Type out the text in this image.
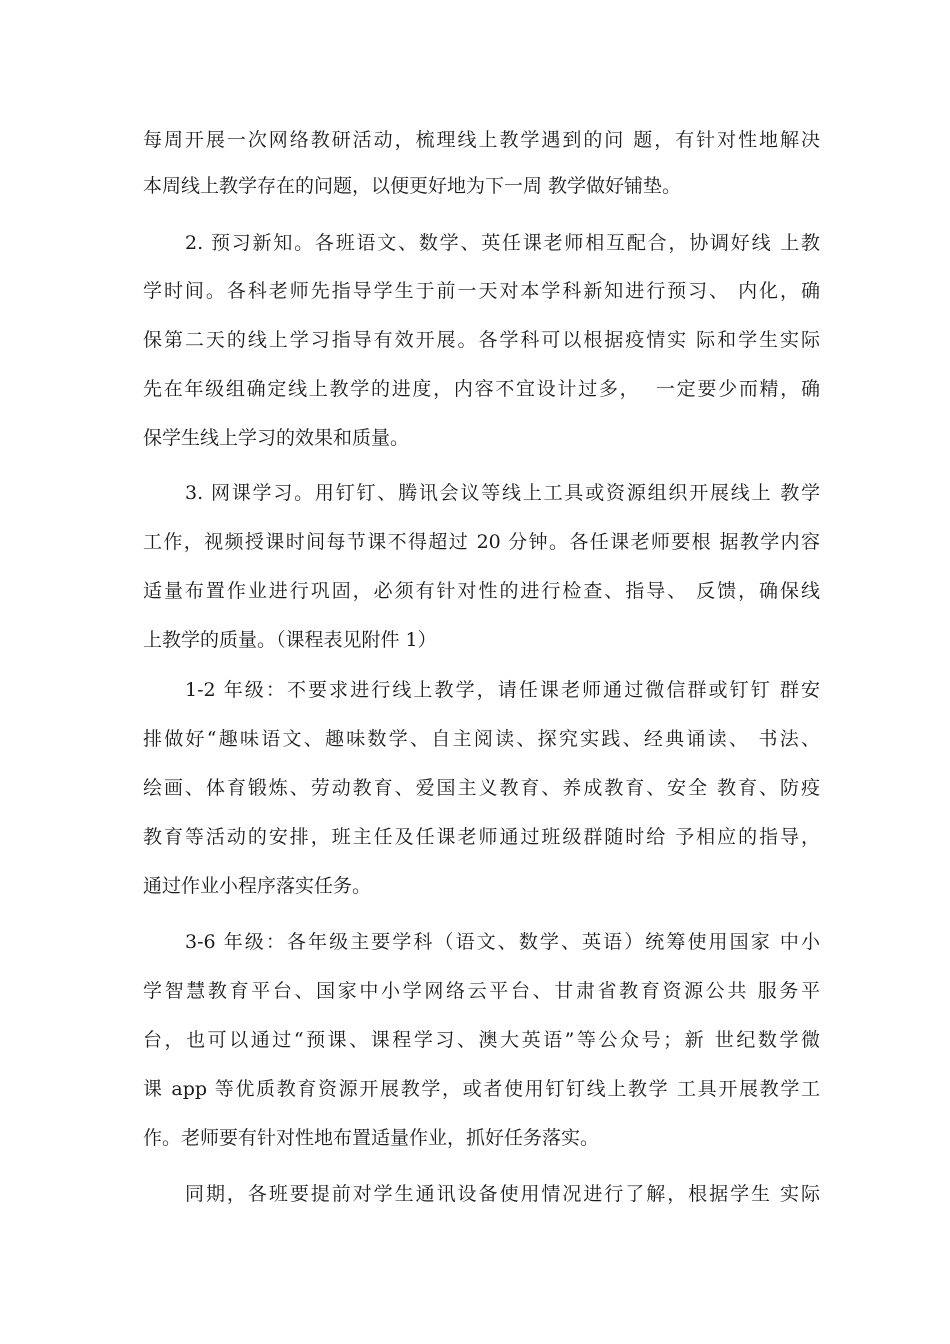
每周开展一次网络教研活动，梳理线上教学遇到的问 题，有针对性地解决
本周线上教学存在的问题，以便更好地为下一周 教学做好铺垫。
2. 预习新知。各班语文、数学、英任课老师相互配合，协调好线 上教
学时间。各科老师先指导学生于前一天对本学科新知进行预习、 内化，确
保第二天的线上学习指导有效开展。各学科可以根据疫情实 际和学生实际
先在年级组确定线上教学的进度，内容不宜设计过多，  一定要少而精，确
保学生线上学习的效果和质量。
3. 网课学习。用钉钉、腾讯会议等线上工具或资源组织开展线上 教学
工作，视频授课时间每节课不得超过 20 分钟。各任课老师要根 据教学内容
适量布置作业进行巩固，必须有针对性的进行检查、指导、 反馈，确保线
上教学的质量。（课程表见附件 1）
1-2 年级：不要求进行线上教学，请任课老师通过微信群或钉钉 群安
排做好“趣味语文、趣味数学、自主阅读、探究实践、经典诵读、 书法、
绘画、体育锻炼、劳动教育、爱国主义教育、养成教育、安全 教育、防疫
教育等活动的安排，班主任及任课老师通过班级群随时给 予相应的指导，
通过作业小程序落实任务。
3-6 年级：各年级主要学科（语文、数学、英语）统筹使用国家 中小
学智慧教育平台、国家中小学网络云平台、甘肃省教育资源公共 服务平
台，也可以通过“预课、课程学习、澳大英语”等公众号；新 世纪数学微
课 app 等优质教育资源开展教学，或者使用钉钉线上教学 工具开展教学工
作。老师要有针对性地布置适量作业，抓好任务落实。
同期，各班要提前对学生通讯设备使用情况进行了解，根据学生 实际
